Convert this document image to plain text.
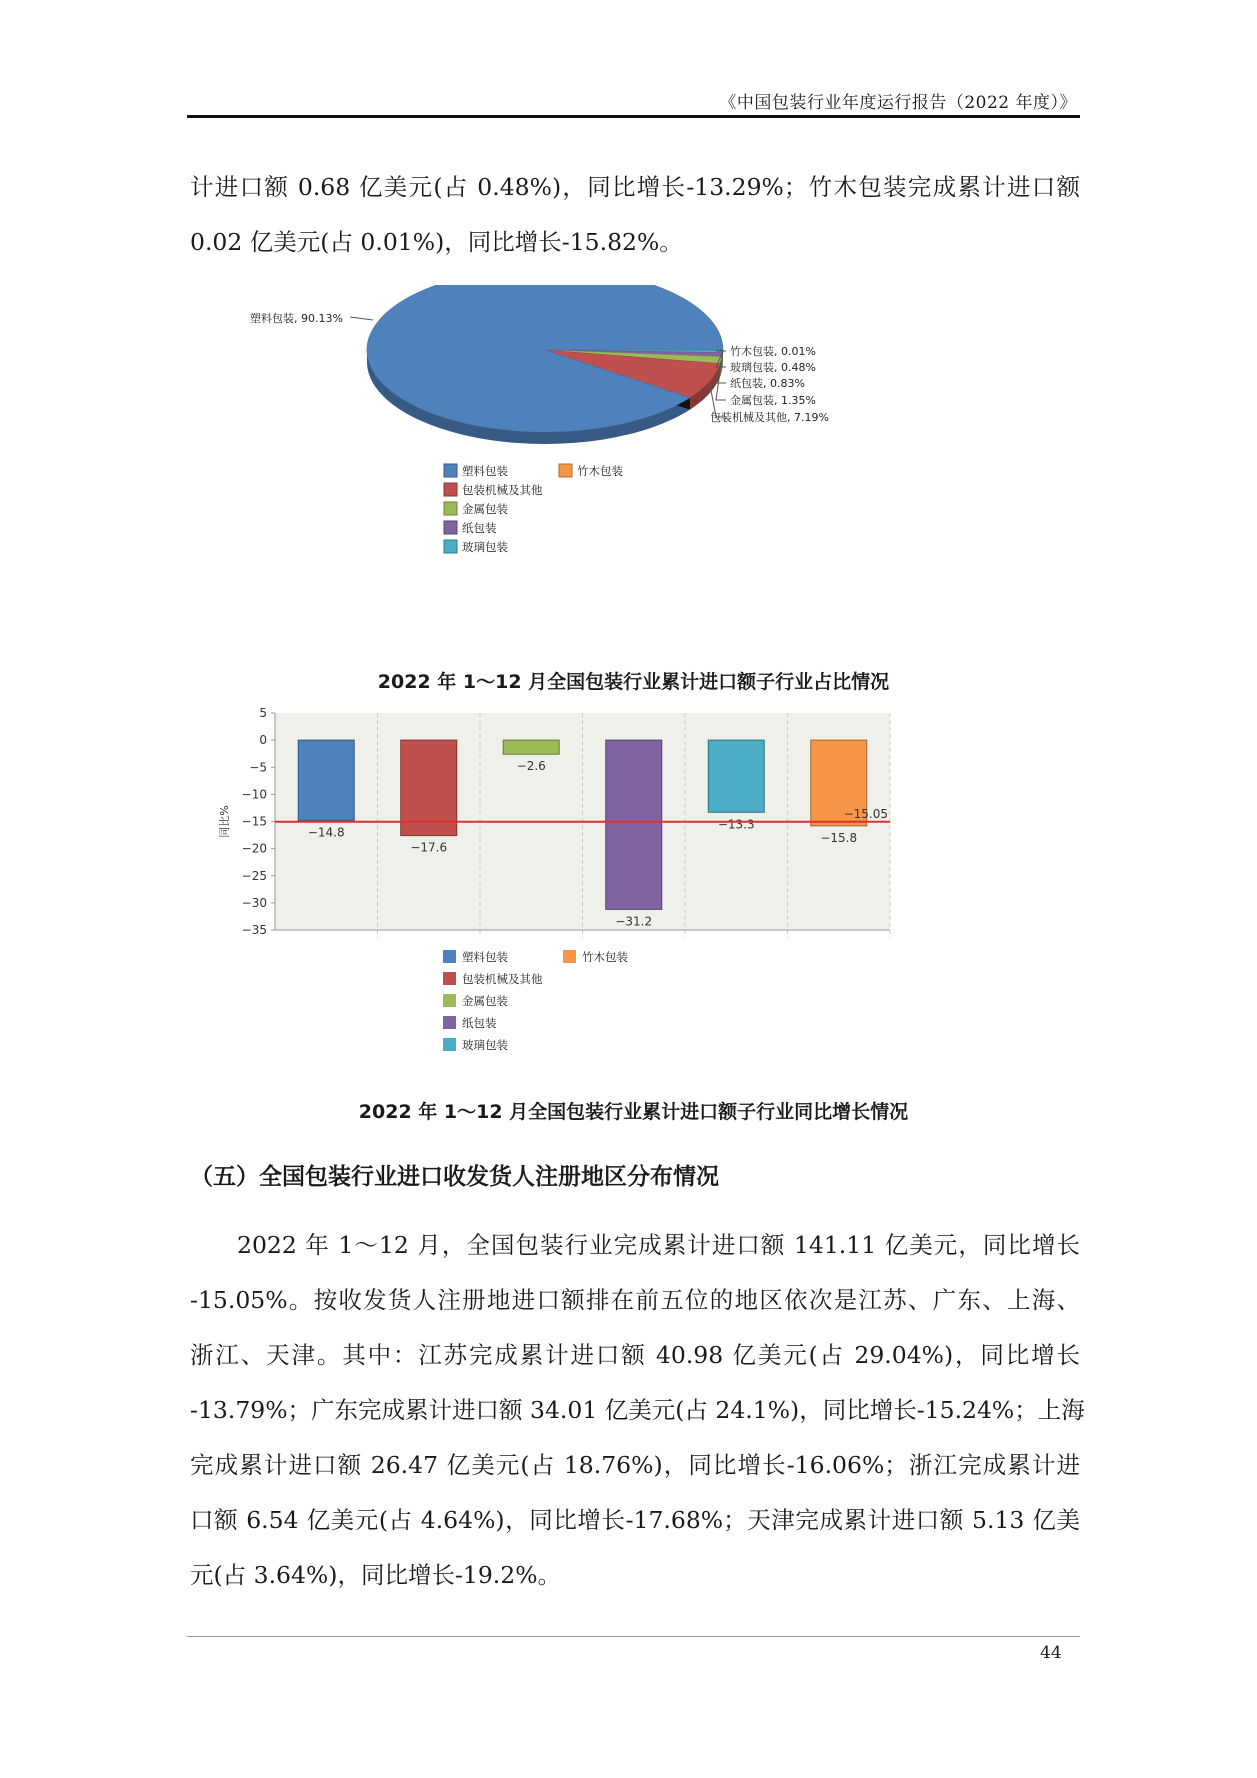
《中国包装行业年度运行报告（2022 年度）》
计进口额 0.68 亿美元(占 0.48%)，同比增长-13.29%；竹木包装完成累计进口额
0.02 亿美元(占 0.01%)，同比增长-15.82%。
塑料包装, 90.13%
竹木包装, 0.01%
玻璃包装, 0.48%
纸包装, 0.83%
金属包装, 1.35%
包装机械及其他, 7.19%
塑料包装
包装机械及其他
金属包装
纸包装
玻璃包装
竹木包装
2022 年 1～12 月全国包装行业累计进口额子行业占比情况
5
0
−5
−10
−15
−20
−25
−30
−35
同比%	−14.8
−17.6
−2.6
−31.2
−13.3
−15.8
−15.05
塑料包装
包装机械及其他
金属包装
纸包装
玻璃包装
竹木包装
2022 年 1～12 月全国包装行业累计进口额子行业同比增长情况
（五）全国包装行业进口收发货人注册地区分布情况
2022 年 1～12 月，全国包装行业完成累计进口额 141.11 亿美元，同比增长
-15.05%。按收发货人注册地进口额排在前五位的地区依次是江苏、广东、上海、
浙江、天津。其中：江苏完成累计进口额 40.98 亿美元(占 29.04%)，同比增长
-13.79%；广东完成累计进口额 34.01 亿美元(占 24.1%)，同比增长-15.24%；上海
完成累计进口额 26.47 亿美元(占 18.76%)，同比增长-16.06%；浙江完成累计进
口额 6.54 亿美元(占 4.64%)，同比增长-17.68%；天津完成累计进口额 5.13 亿美
元(占 3.64%)，同比增长-19.2%。
44
